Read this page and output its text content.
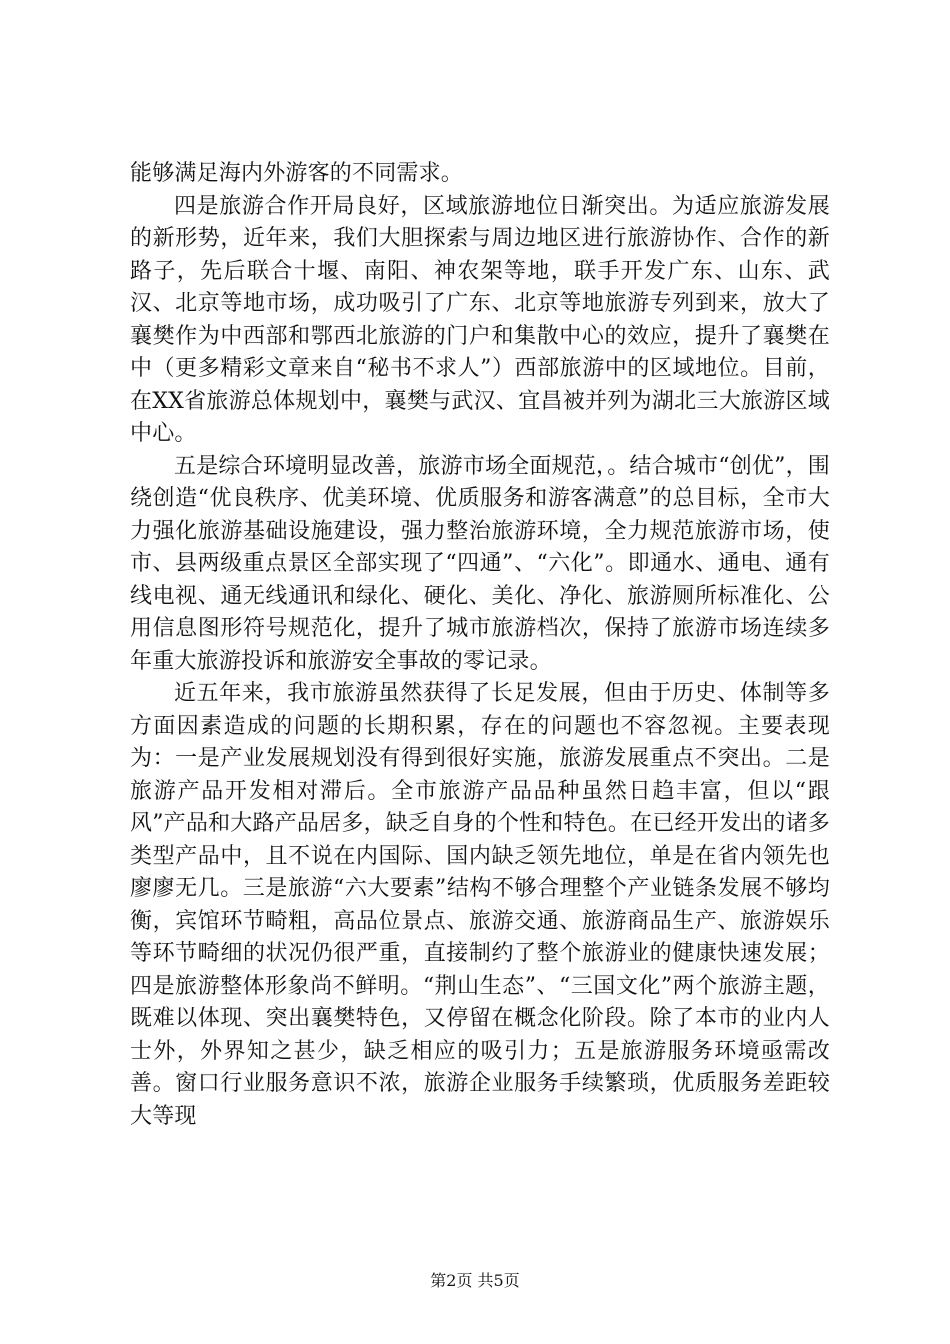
能够满足海内外游客的不同需求。

四是旅游合作开局良好，区域旅游地位日渐突出。为适应旅游发展的新形势，近年来，我们大胆探索与周边地区进行旅游协作、合作的新路子，先后联合十堰、南阳、神农架等地，联手开发广东、山东、武汉、北京等地市场，成功吸引了广东、北京等地旅游专列到来，放大了襄樊作为中西部和鄂西北旅游的门户和集散中心的效应，提升了襄樊在中（更多精彩文章来自“秘书不求人”）西部旅游中的区域地位。目前，在XX省旅游总体规划中，襄樊与武汉、宜昌被并列为湖北三大旅游区域中心。

五是综合环境明显改善，旅游市场全面规范，。结合城市“创优”，围绕创造“优良秩序、优美环境、优质服务和游客满意”的总目标，全市大力强化旅游基础设施建设，强力整治旅游环境，全力规范旅游市场，使市、县两级重点景区全部实现了“四通”、“六化”。即通水、通电、通有线电视、通无线通讯和绿化、硬化、美化、净化、旅游厕所标准化、公用信息图形符号规范化，提升了城市旅游档次，保持了旅游市场连续多年重大旅游投诉和旅游安全事故的零记录。

近五年来，我市旅游虽然获得了长足发展，但由于历史、体制等多方面因素造成的问题的长期积累，存在的问题也不容忽视。主要表现为：一是产业发展规划没有得到很好实施，旅游发展重点不突出。二是旅游产品开发相对滞后。全市旅游产品品种虽然日趋丰富，但以“跟风”产品和大路产品居多，缺乏自身的个性和特色。在已经开发出的诸多类型产品中，且不说在内国际、国内缺乏领先地位，单是在省内领先也廖廖无几。三是旅游“六大要素”结构不够合理整个产业链条发展不够均衡，宾馆环节畸粗，高品位景点、旅游交通、旅游商品生产、旅游娱乐等环节畸细的状况仍很严重，直接制约了整个旅游业的健康快速发展；四是旅游整体形象尚不鲜明。“荆山生态”、“三国文化”两个旅游主题，既难以体现、突出襄樊特色，又停留在概念化阶段。除了本市的业内人士外，外界知之甚少，缺乏相应的吸引力；五是旅游服务环境亟需改善。窗口行业服务意识不浓，旅游企业服务手续繁琐，优质服务差距较大等现

第2页 共5页
